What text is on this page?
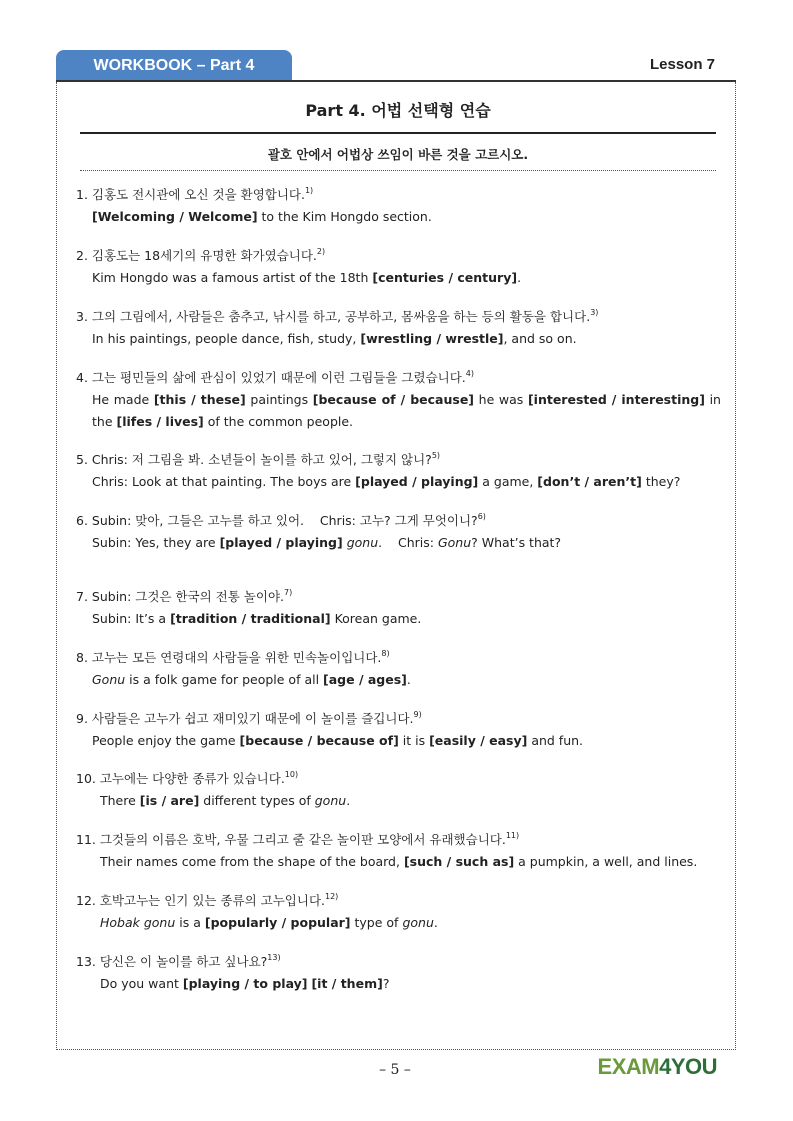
WORKBOOK – Part 4	Lesson 7
Part 4. 어법 선택형 연습
괄호 안에서 어법상 쓰임이 바른 것을 고르시오.
1. 김홍도 전시관에 오신 것을 환영합니다.$^{1)}$
[Welcoming / Welcome] to the Kim Hongdo section.
2. 김홍도는 18세기의 유명한 화가였습니다.$^{2)}$
Kim Hongdo was a famous artist of the 18th [centuries / century].
3. 그의 그림에서, 사람들은 춤추고, 낚시를 하고, 공부하고, 몸싸움을 하는 등의 활동을 합니다.$^{3)}$
In his paintings, people dance, fish, study, [wrestling / wrestle], and so on.
4. 그는 평민들의 삶에 관심이 있었기 때문에 이런 그림들을 그렸습니다.$^{4)}$
He made [this / these] paintings [because of / because] he was [interested / interesting] in the [lifes / lives] of the common people.
5. Chris: 저 그림을 봐. 소년들이 놀이를 하고 있어, 그렇지 않니?$^{5)}$
Chris: Look at that painting. The boys are [played / playing] a game, [don’t / aren’t] they?
6. Subin: 맞아, 그들은 고누를 하고 있어.    Chris: 고누? 그게 무엇이니?$^{6)}$
Subin: Yes, they are [played / playing] gonu.    Chris: Gonu? What’s that?
7. Subin: 그것은 한국의 전통 놀이야.$^{7)}$
Subin: It’s a [tradition / traditional] Korean game.
8. 고누는 모든 연령대의 사람들을 위한 민속놀이입니다.$^{8)}$
Gonu is a folk game for people of all [age / ages].
9. 사람들은 고누가 쉽고 재미있기 때문에 이 놀이를 즐깁니다.$^{9)}$
People enjoy the game [because / because of] it is [easily / easy] and fun.
10. 고누에는 다양한 종류가 있습니다.$^{10)}$
There [is / are] different types of gonu.
11. 그것들의 이름은 호박, 우물 그리고 줄 같은 놀이판 모양에서 유래했습니다.$^{11)}$
Their names come from the shape of the board, [such / such as] a pumpkin, a well, and lines.
12. 호박고누는 인기 있는 종류의 고누입니다.$^{12)}$
Hobak gonu is a [popularly / popular] type of gonu.
13. 당신은 이 놀이를 하고 싶나요?$^{13)}$
Do you want [playing / to play] [it / them]?
– 5 –	EXAM4YOU
